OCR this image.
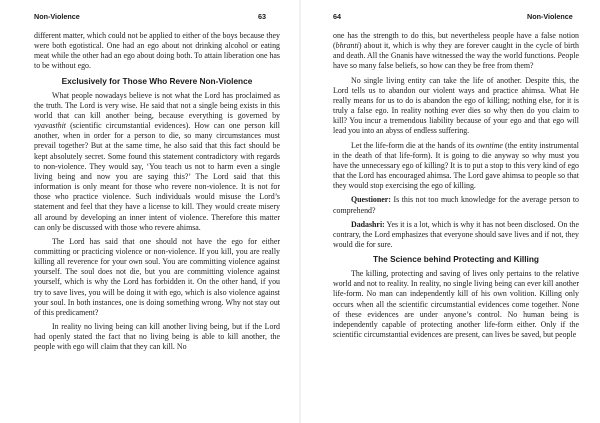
Non-Violence	63

different matter, which could not be applied to either of the boys because they were both egotistical. One had an ego about not drinking alcohol or eating meat while the other had an ego about doing both. To attain liberation one has to be without ego.

Exclusively for Those Who Revere Non-Violence

What people nowadays believe is not what the Lord has proclaimed as the truth. The Lord is very wise. He said that not a single being exists in this world that can kill another being, because everything is governed by vyavasthit (scientific circumstantial evidences). How can one person kill another, when in order for a person to die, so many circumstances must prevail together? But at the same time, he also said that this fact should be kept absolutely secret. Some found this statement contradictory with regards to non-violence. They would say, ‘You teach us not to harm even a single living being and now you are saying this?’ The Lord said that this information is only meant for those who revere non-violence. It is not for those who practice violence. Such individuals would misuse the Lord’s statement and feel that they have a license to kill. They would create misery all around by developing an inner intent of violence. Therefore this matter can only be discussed with those who revere ahimsa.

The Lord has said that one should not have the ego for either committing or practicing violence or non-violence. If you kill, you are really killing all reverence for your own soul. You are committing violence against yourself. The soul does not die, but you are committing violence against yourself, which is why the Lord has forbidden it. On the other hand, if you try to save lives, you will be doing it with ego, which is also violence against your soul. In both instances, one is doing something wrong. Why not stay out of this predicament?

In reality no living being can kill another living being, but if the Lord had openly stated the fact that no living being is able to kill another, the people with ego will claim that they can kill. No

64	Non-Violence

one has the strength to do this, but nevertheless people have a false notion (bhranti) about it, which is why they are forever caught in the cycle of birth and death. All the Gnanis have witnessed the way the world functions. People have so many false beliefs, so how can they be free from them?

No single living entity can take the life of another. Despite this, the Lord tells us to abandon our violent ways and practice ahimsa. What He really means for us to do is abandon the ego of killing; nothing else, for it is truly a false ego. In reality nothing ever dies so why then do you claim to kill? You incur a tremendous liability because of your ego and that ego will lead you into an abyss of endless suffering.

Let the life-form die at the hands of its owntime (the entity instrumental in the death of that life-form). It is going to die anyway so why must you have the unnecessary ego of killing? It is to put a stop to this very kind of ego that the Lord has encouraged ahimsa. The Lord gave ahimsa to people so that they would stop exercising the ego of killing.

Questioner: Is this not too much knowledge for the average person to comprehend?

Dadashri: Yes it is a lot, which is why it has not been disclosed. On the contrary, the Lord emphasizes that everyone should save lives and if not, they would die for sure.

The Science behind Protecting and Killing

The killing, protecting and saving of lives only pertains to the relative world and not to reality. In reality, no single living being can ever kill another life-form. No man can independently kill of his own volition. Killing only occurs when all the scientific circumstantial evidences come together. None of these evidences are under anyone’s control. No human being is independently capable of protecting another life-form either. Only if the scientific circumstantial evidences are present, can lives be saved, but people
